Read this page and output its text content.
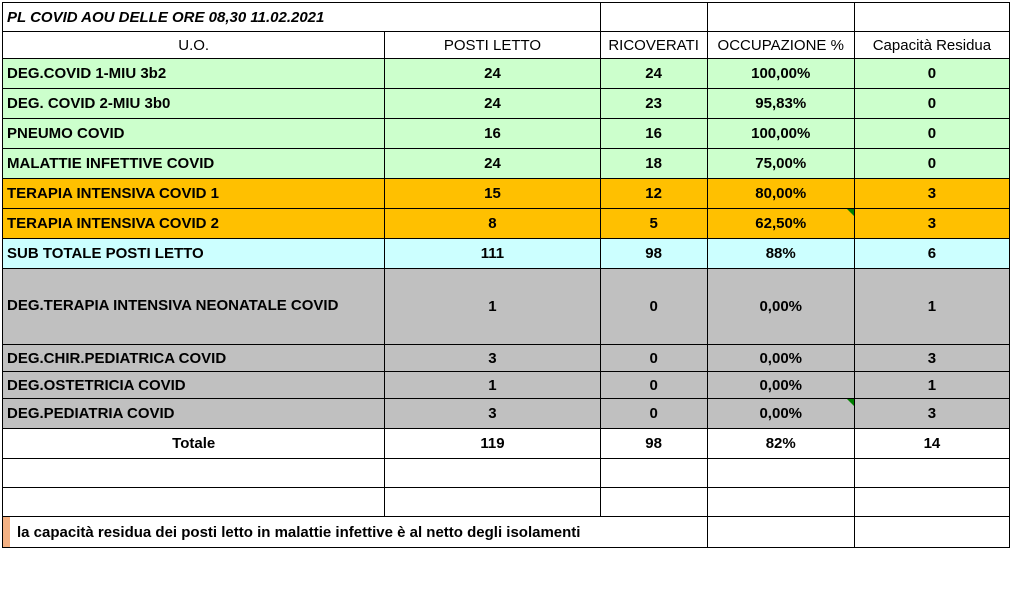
PL COVID AOU DELLE ORE 08,30 11.02.2021				
U.O.	POSTI LETTO	RICOVERATI	OCCUPAZIONE %	Capacità Residua
DEG.COVID 1-MIU 3b2	24	24	100,00%	0
DEG. COVID 2-MIU 3b0	24	23	95,83%	0
PNEUMO COVID	16	16	100,00%	0
MALATTIE INFETTIVE COVID	24	18	75,00%	0
TERAPIA INTENSIVA COVID 1	15	12	80,00%	3
TERAPIA INTENSIVA COVID 2	8	5	62,50%	3
SUB TOTALE POSTI LETTO	111	98	88%	6
DEG.TERAPIA INTENSIVA NEONATALE COVID	1	0	0,00%	1
DEG.CHIR.PEDIATRICA COVID	3	0	0,00%	3
DEG.OSTETRICIA COVID	1	0	0,00%	1
DEG.PEDIATRIA COVID	3	0	0,00%	3
Totale	119	98	82%	14

la capacità residua dei posti letto in malattie infettive è al netto degli isolamenti				
